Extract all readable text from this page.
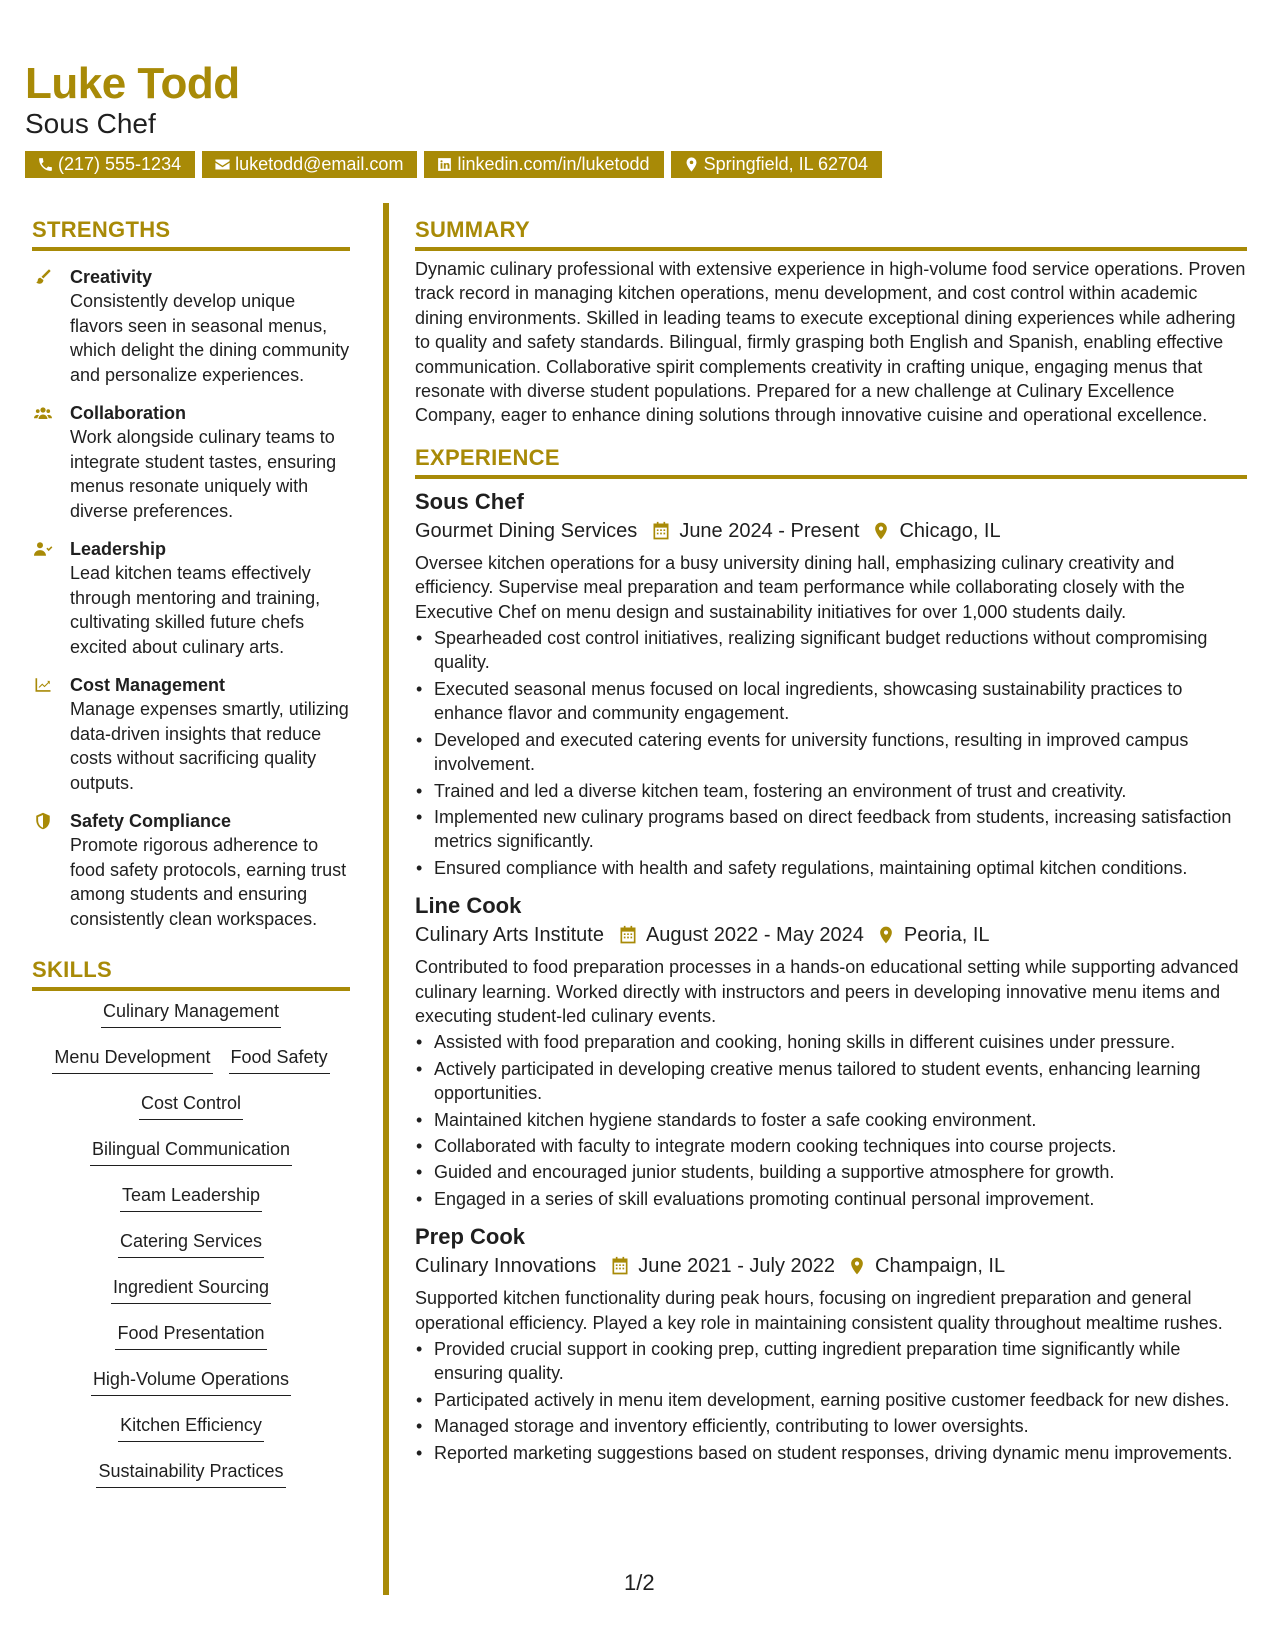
Luke Todd
Sous Chef
(217) 555-1234	luketodd@email.com	linkedin.com/in/luketodd	Springfield, IL 62704
STRENGTHS
Creativity
Consistently develop unique flavors seen in seasonal menus, which delight the dining community and personalize experiences.
Collaboration
Work alongside culinary teams to integrate student tastes, ensuring menus resonate uniquely with diverse preferences.
Leadership
Lead kitchen teams effectively through mentoring and training, cultivating skilled future chefs excited about culinary arts.
Cost Management
Manage expenses smartly, utilizing data-driven insights that reduce costs without sacrificing quality outputs.
Safety Compliance
Promote rigorous adherence to food safety protocols, earning trust among students and ensuring consistently clean workspaces.
SKILLS
Culinary Management
Menu Development Food Safety
Cost Control
Bilingual Communication
Team Leadership
Catering Services
Ingredient Sourcing
Food Presentation
High-Volume Operations
Kitchen Efficiency
Sustainability Practices
SUMMARY
Dynamic culinary professional with extensive experience in high-volume food service operations. Proven track record in managing kitchen operations, menu development, and cost control within academic dining environments. Skilled in leading teams to execute exceptional dining experiences while adhering to quality and safety standards. Bilingual, firmly grasping both English and Spanish, enabling effective communication. Collaborative spirit complements creativity in crafting unique, engaging menus that resonate with diverse student populations. Prepared for a new challenge at Culinary Excellence Company, eager to enhance dining solutions through innovative cuisine and operational excellence.
EXPERIENCE
Sous Chef
Gourmet Dining Services June 2024 - Present Chicago, IL
Oversee kitchen operations for a busy university dining hall, emphasizing culinary creativity and efficiency. Supervise meal preparation and team performance while collaborating closely with the Executive Chef on menu design and sustainability initiatives for over 1,000 students daily.
• Spearheaded cost control initiatives, realizing significant budget reductions without compromising quality.
• Executed seasonal menus focused on local ingredients, showcasing sustainability practices to enhance flavor and community engagement.
• Developed and executed catering events for university functions, resulting in improved campus involvement.
• Trained and led a diverse kitchen team, fostering an environment of trust and creativity.
• Implemented new culinary programs based on direct feedback from students, increasing satisfaction metrics significantly.
• Ensured compliance with health and safety regulations, maintaining optimal kitchen conditions.
Line Cook
Culinary Arts Institute August 2022 - May 2024 Peoria, IL
Contributed to food preparation processes in a hands-on educational setting while supporting advanced culinary learning. Worked directly with instructors and peers in developing innovative menu items and executing student-led culinary events.
• Assisted with food preparation and cooking, honing skills in different cuisines under pressure.
• Actively participated in developing creative menus tailored to student events, enhancing learning opportunities.
• Maintained kitchen hygiene standards to foster a safe cooking environment.
• Collaborated with faculty to integrate modern cooking techniques into course projects.
• Guided and encouraged junior students, building a supportive atmosphere for growth.
• Engaged in a series of skill evaluations promoting continual personal improvement.
Prep Cook
Culinary Innovations June 2021 - July 2022 Champaign, IL
Supported kitchen functionality during peak hours, focusing on ingredient preparation and general operational efficiency. Played a key role in maintaining consistent quality throughout mealtime rushes.
• Provided crucial support in cooking prep, cutting ingredient preparation time significantly while ensuring quality.
• Participated actively in menu item development, earning positive customer feedback for new dishes.
• Managed storage and inventory efficiently, contributing to lower oversights.
• Reported marketing suggestions based on student responses, driving dynamic menu improvements.
1/2
